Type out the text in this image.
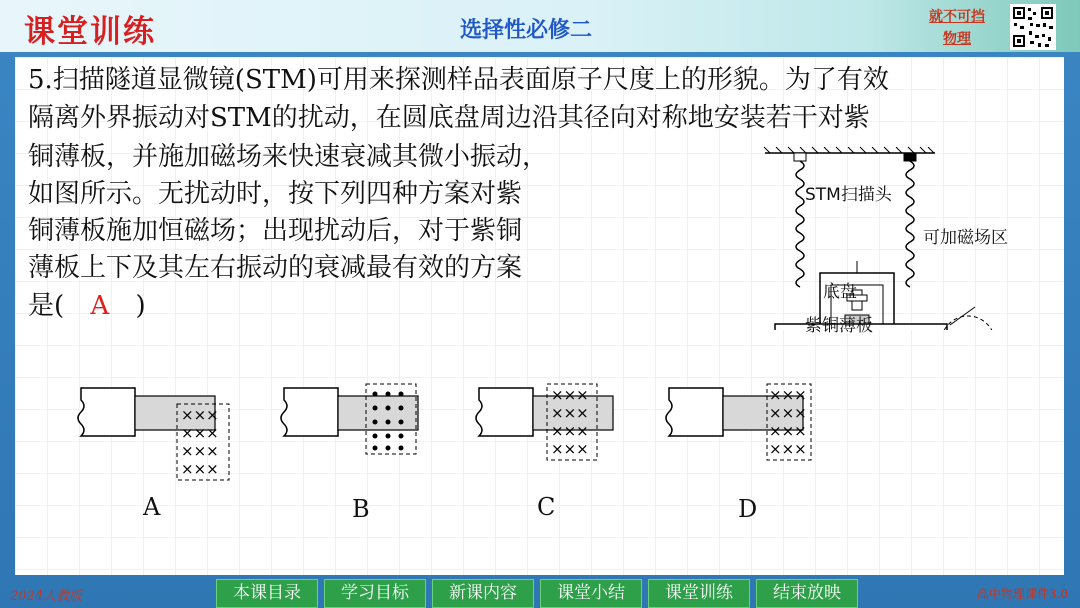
课堂训练	选择性必修二
就不可挡
物理
5.扫描隧道显微镜(STM)可用来探测样品表面原子尺度上的形貌。为了有效
隔离外界振动对STM的扰动，在圆底盘周边沿其径向对称地安装若干对紫
铜薄板，并施加磁场来快速衰减其微小振动，
如图所示。无扰动时，按下列四种方案对紫
铜薄板施加恒磁场；出现扰动后，对于紫铜
薄板上下及其左右振动的衰减最有效的方案
是( A )
STM扫描头
可加磁场区
底盘
紫铜薄板
×××
×××
×××
×××
×××
×××
×××
×××
×××
×××
×××
×××
A	B	C	D
2024人教版	本课目录	学习目标	新课内容	课堂小结	课堂训练	结束放映	高中物理课件3.0
